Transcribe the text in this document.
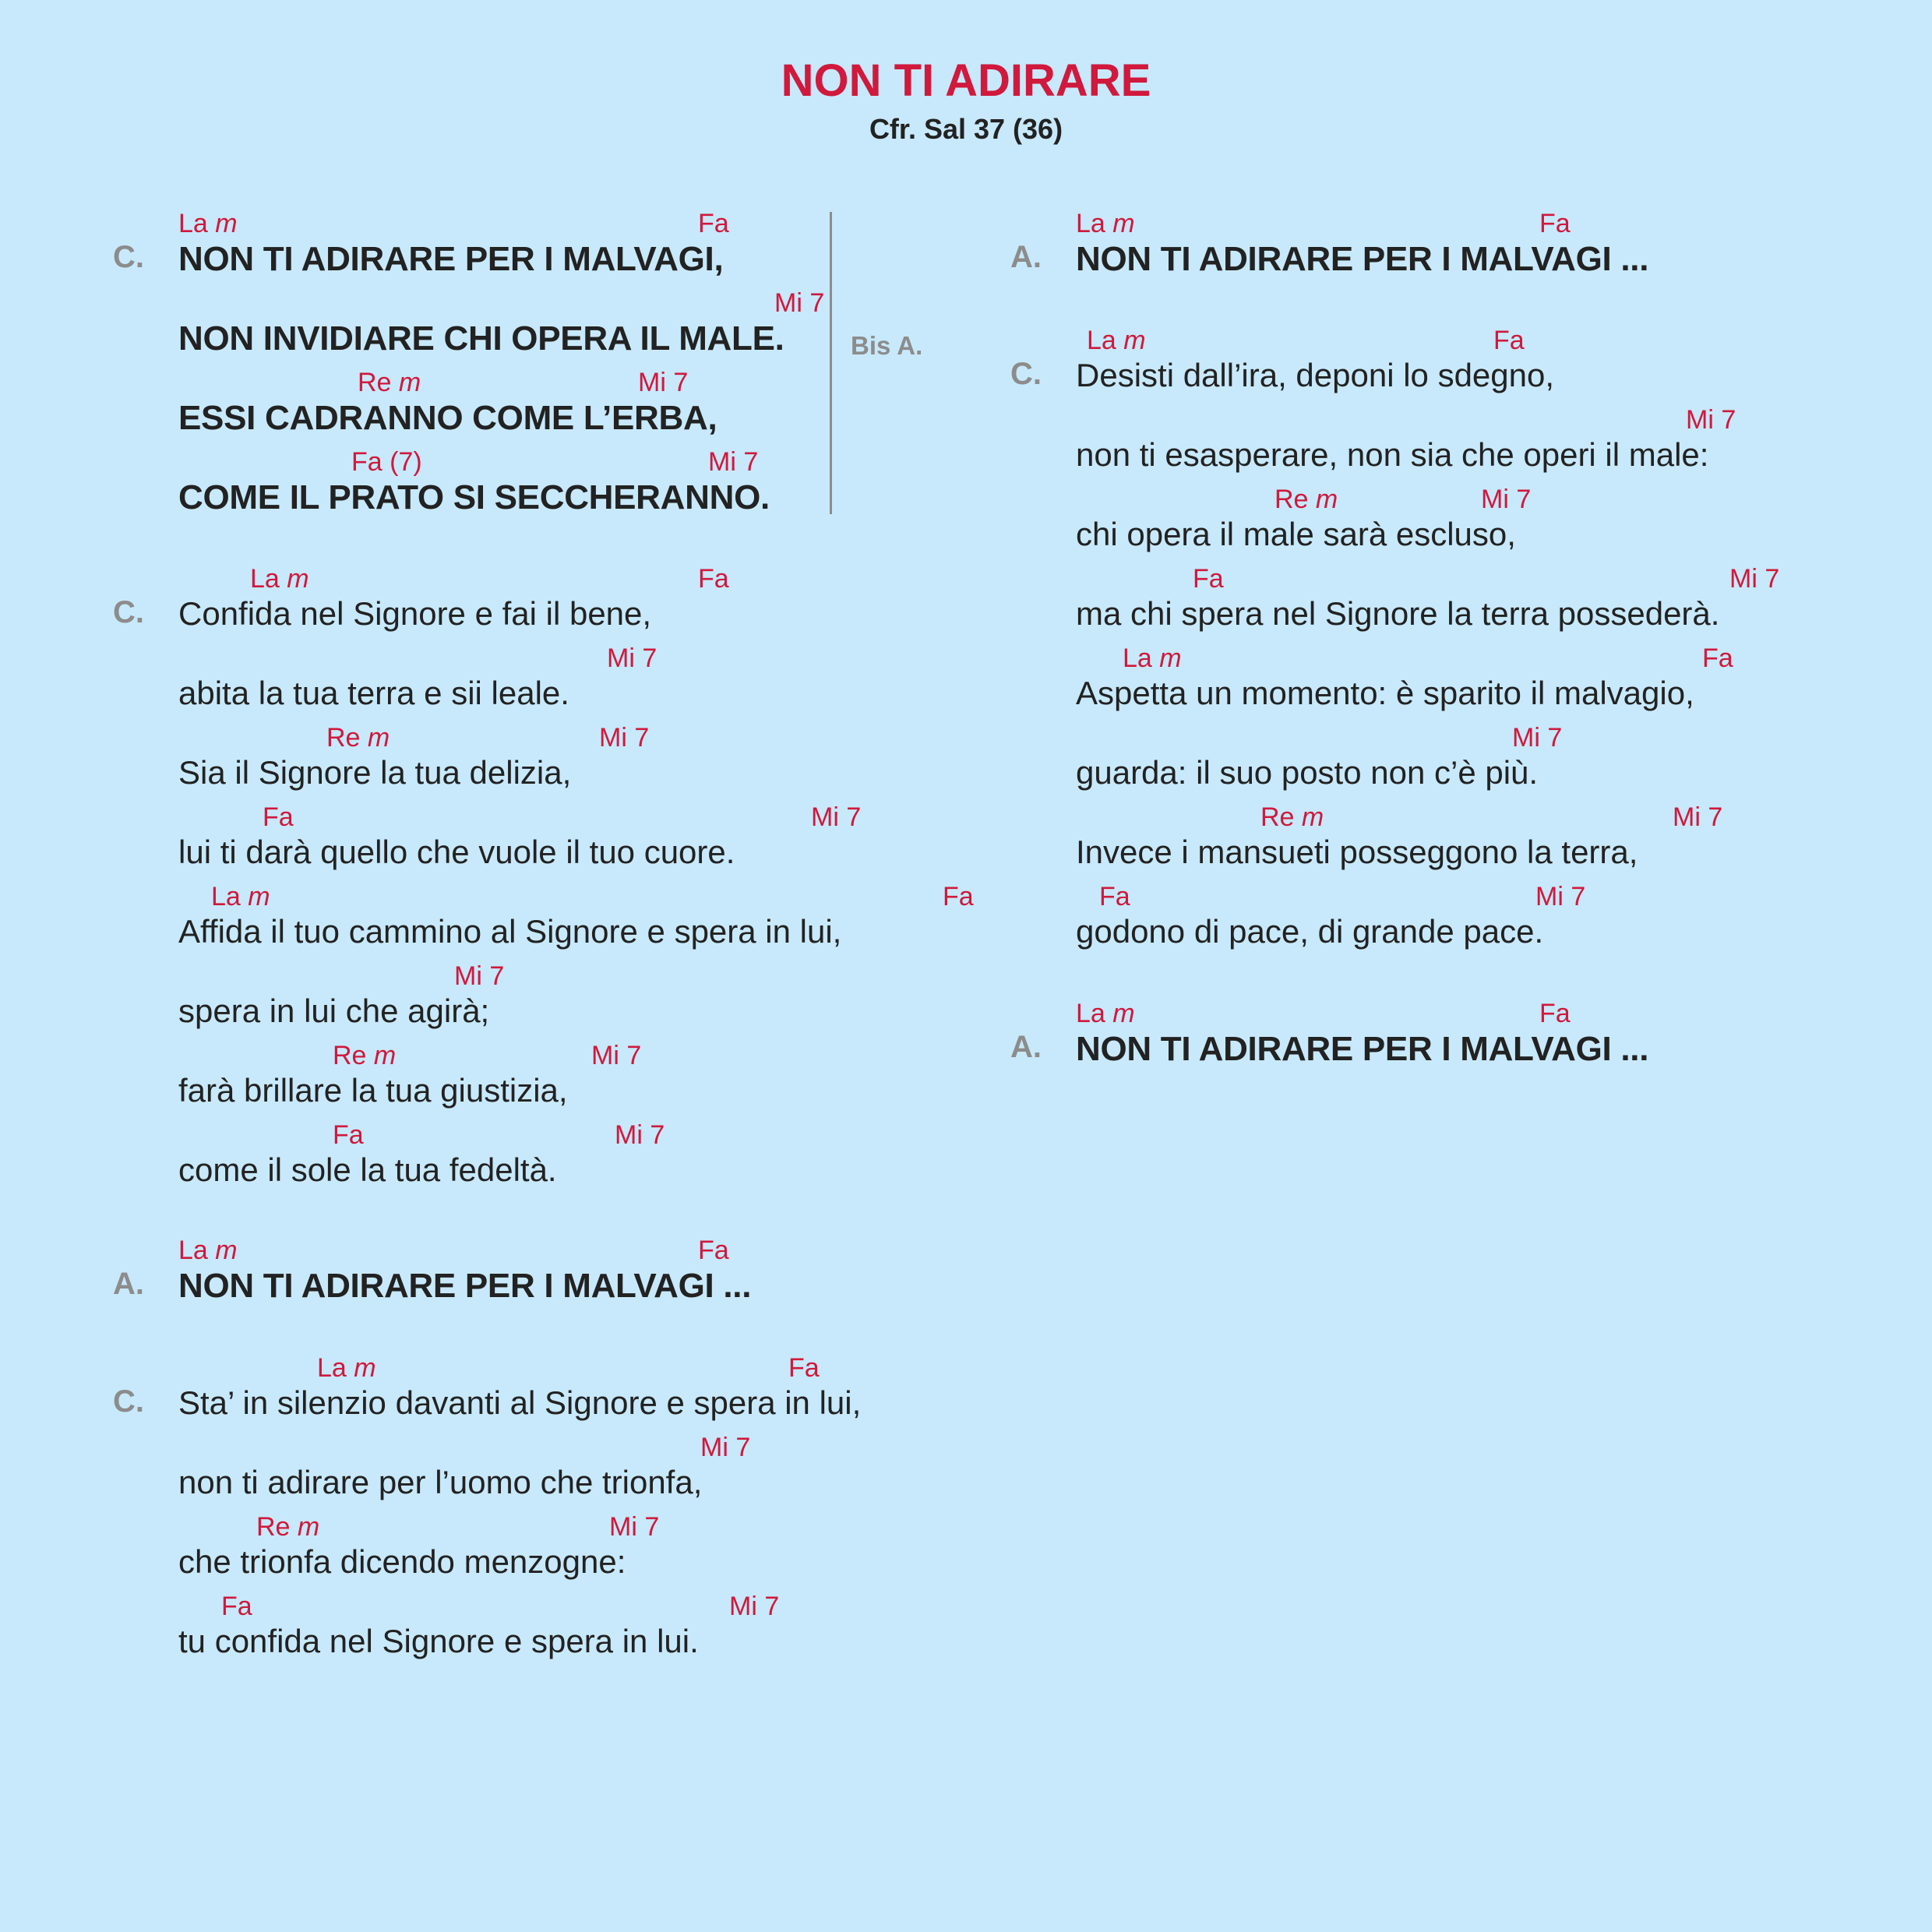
NON TI ADIRARE
Cfr. Sal 37 (36)
C.
La m	Fa
NON TI ADIRARE PER I MALVAGI,
Mi 7
NON INVIDIARE CHI OPERA IL MALE.
Re m	Mi 7
ESSI CADRANNO COME L’ERBA,
Fa (7)	Mi 7
COME IL PRATO SI SECCHERANNO.
C.
La m	Fa
Confida nel Signore e fai il bene,
Mi 7
abita la tua terra e sii leale.
Re m	Mi 7
Sia il Signore la tua delizia,
Fa	Mi 7
lui ti darà quello che vuole il tuo cuore.
La m	Fa
Affida il tuo cammino al Signore e spera in lui,
Mi 7
spera in lui che agirà;
Re m	Mi 7
farà brillare la tua giustizia,
Fa	Mi 7
come il sole la tua fedeltà.
A.
La m	Fa
NON TI ADIRARE PER I MALVAGI ...
C.
La m	Fa
Sta’ in silenzio davanti al Signore e spera in lui,
Mi 7
non ti adirare per l’uomo che trionfa,
Re m	Mi 7
che trionfa dicendo menzogne:
Fa	Mi 7
tu confida nel Signore e spera in lui.
A.
La m	Fa
NON TI ADIRARE PER I MALVAGI ...
C.
La m	Fa
Desisti dall’ira, deponi lo sdegno,
Mi 7
non ti esasperare, non sia che operi il male:
Re m	Mi 7
chi opera il male sarà escluso,
Fa	Mi 7
ma chi spera nel Signore la terra possederà.
La m	Fa
Aspetta un momento: è sparito il malvagio,
Mi 7
guarda: il suo posto non c’è più.
Re m	Mi 7
Invece i mansueti posseggono la terra,
Fa	Mi 7
godono di pace, di grande pace.
A.
La m	Fa
NON TI ADIRARE PER I MALVAGI ...
Bis A.
